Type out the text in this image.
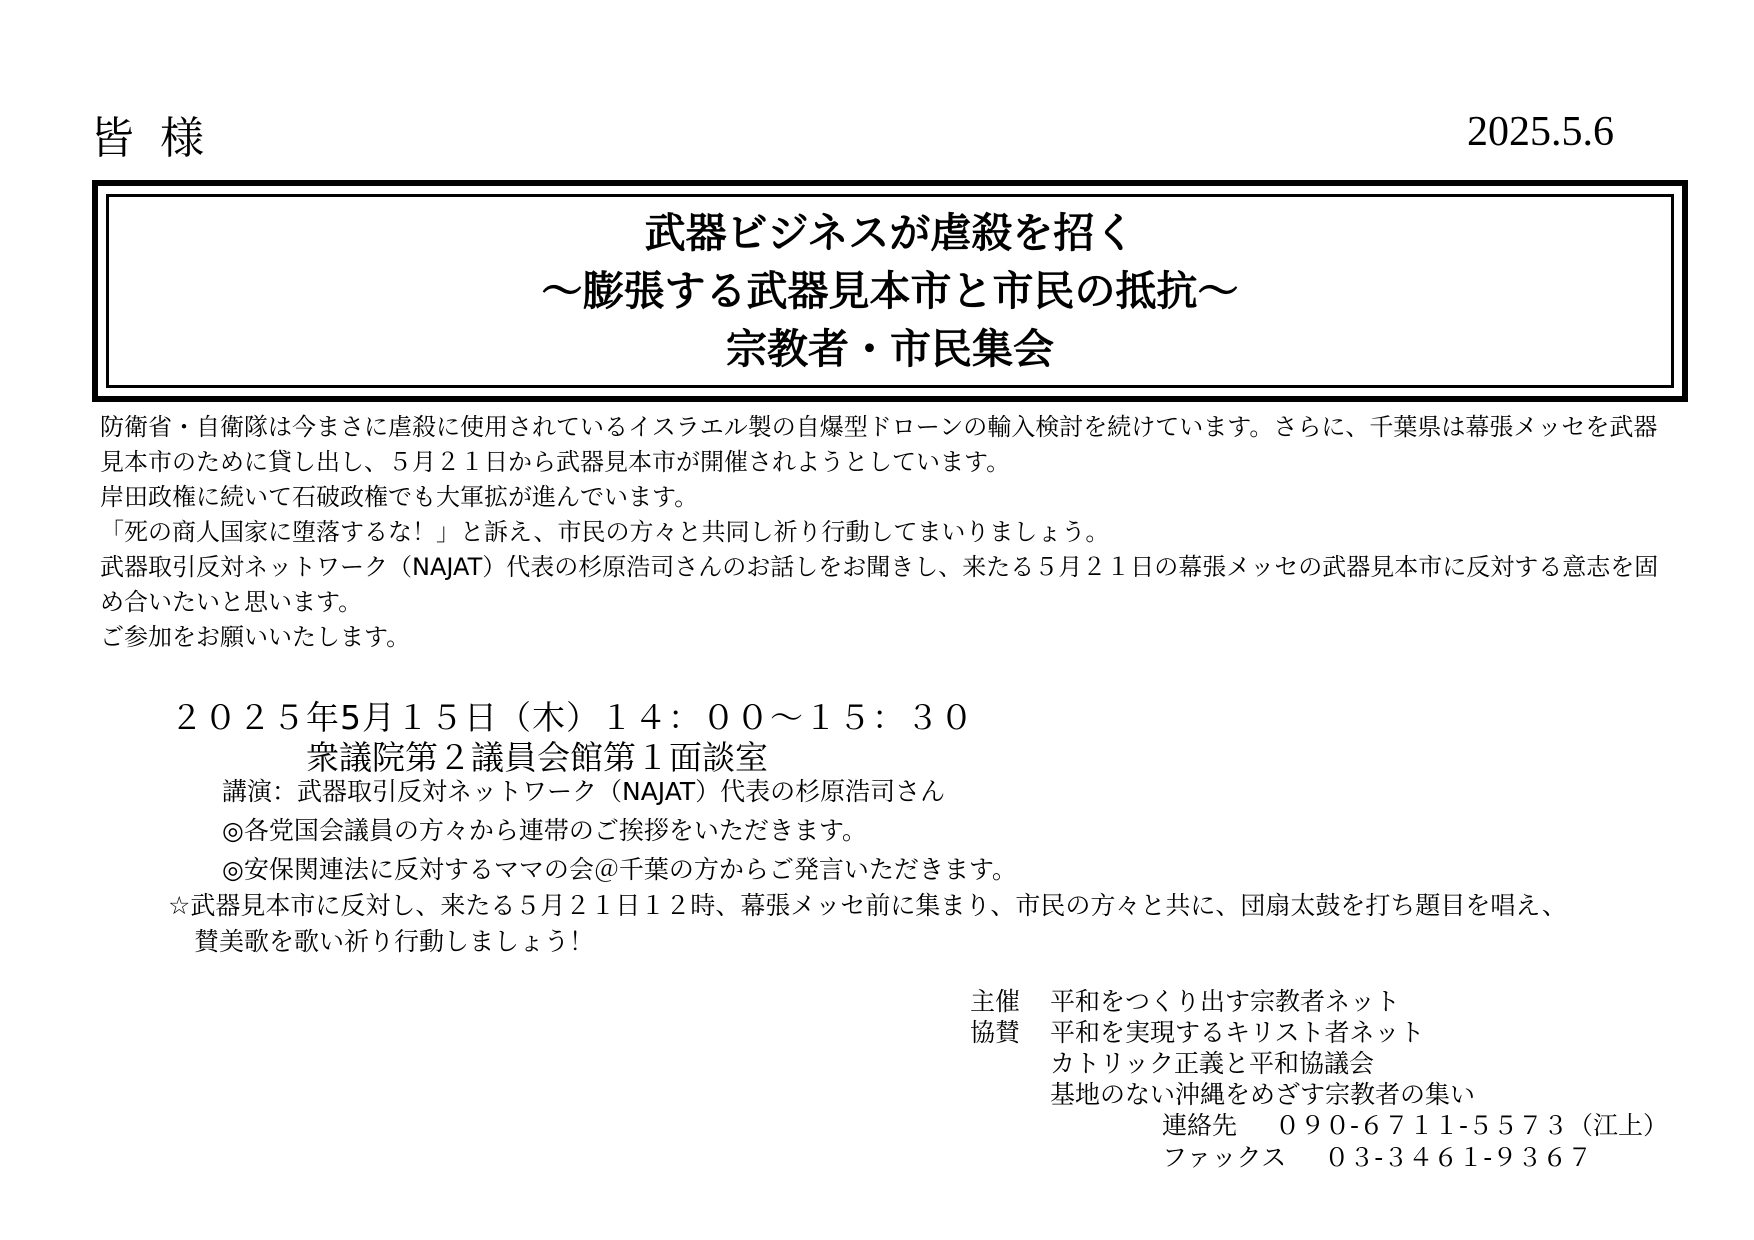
皆様	2025.5.6
武器ビジネスが虐殺を招く
～膨張する武器見本市と市民の抵抗～
宗教者・市民集会

防衛省・自衛隊は今まさに虐殺に使用されているイスラエル製の自爆型ドローンの輸入検討を続けています。さらに、千葉県は幕張メッセを武器見本市のために貸し出し、５月２１日から武器見本市が開催されようとしています。

岸田政権に続いて石破政権でも大軍拡が進んでいます。

「死の商人国家に堕落するな！」と訴え、市民の方々と共同し祈り行動してまいりましょう。

武器取引反対ネットワーク（NAJAT）代表の杉原浩司さんのお話しをお聞きし、来たる５月２１日の幕張メッセの武器見本市に反対する意志を固め合いたいと思います。

ご参加をお願いいたします。

２０２５年5月１５日（木）１４：００～１５：３０
衆議院第２議員会館第１面談室
講演：武器取引反対ネットワーク（NAJAT）代表の杉原浩司さん
◎各党国会議員の方々から連帯のご挨拶をいただきます。
◎安保関連法に反対するママの会＠千葉の方からご発言いただきます。

☆武器見本市に反対し、来たる５月２１日１２時、幕張メッセ前に集まり、市民の方々と共に、団扇太鼓を打ち題目を唱え、

賛美歌を歌い祈り行動しましょう！

主催	平和をつくり出す宗教者ネット
協賛	平和を実現するキリスト者ネット
カトリック正義と平和協議会
基地のない沖縄をめざす宗教者の集い
連絡先 ０９０-６７１１-５５７３（江上）
ファックス ０３-３４６１-９３６７
